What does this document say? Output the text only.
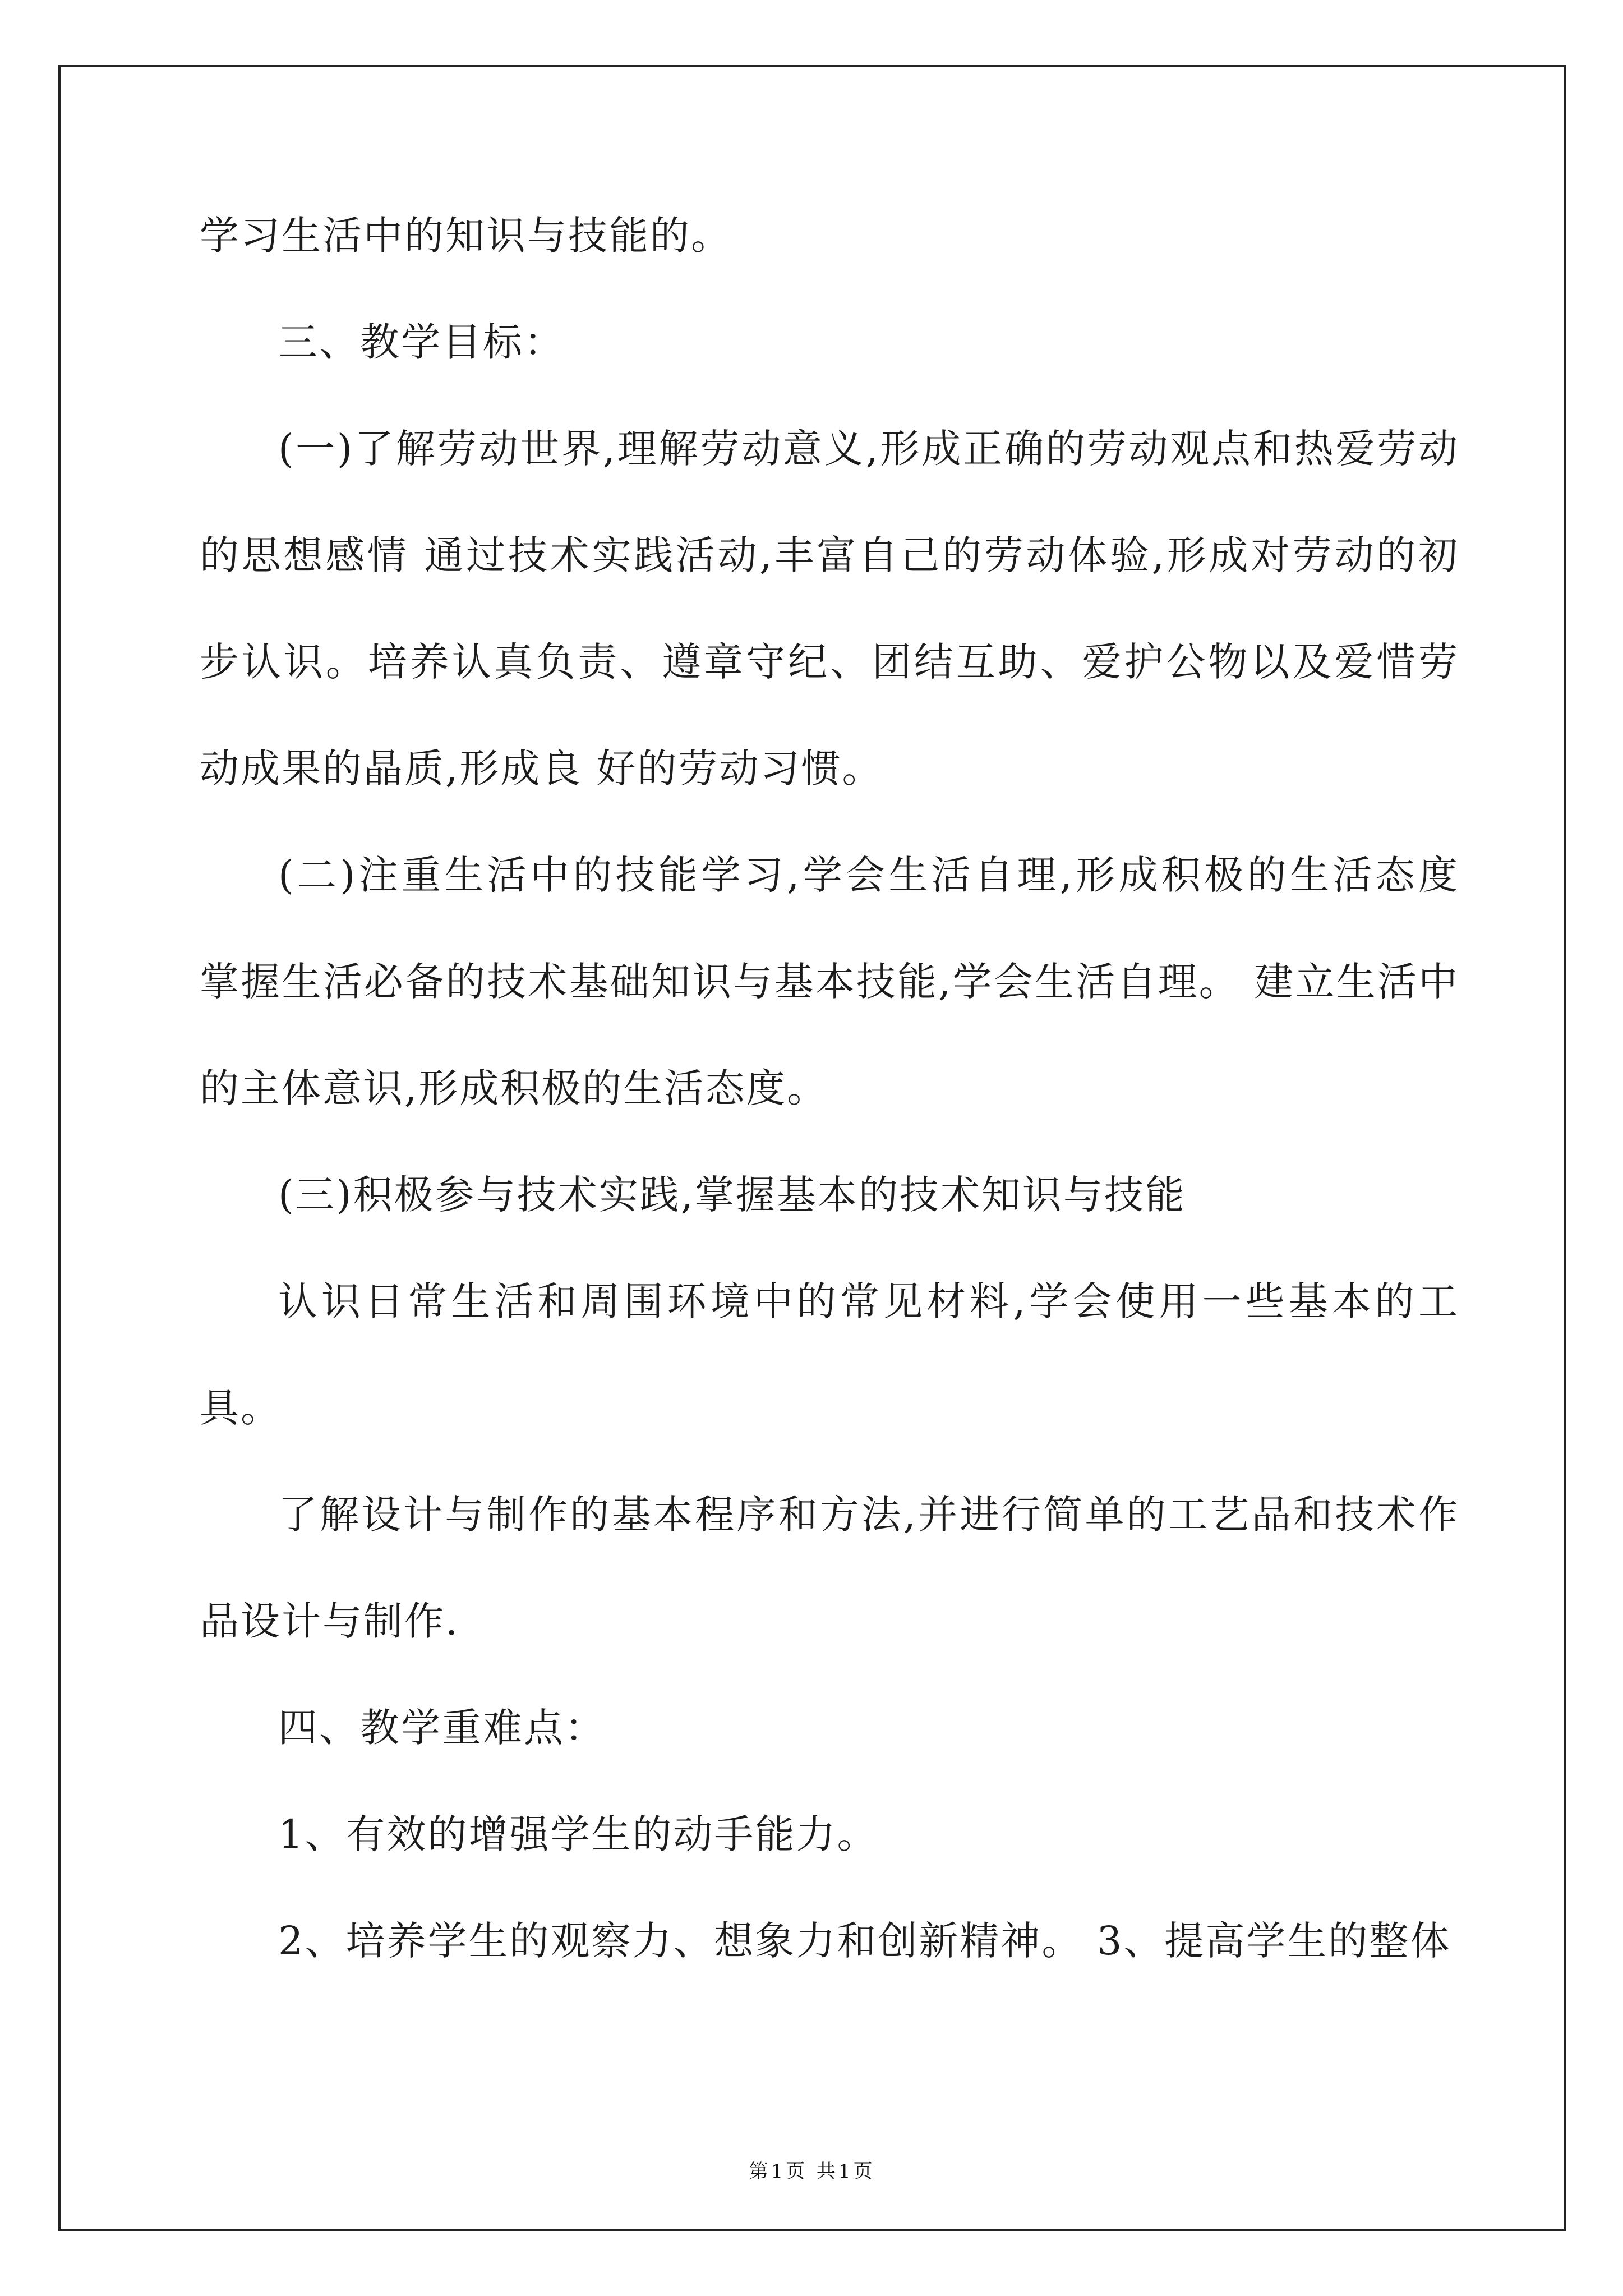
学习生活中的知识与技能的。

三、教学目标：

(一)了解劳动世界,理解劳动意义,形成正确的劳动观点和热爱劳动的思想感情 通过技术实践活动,丰富自己的劳动体验,形成对劳动的初步认识。培养认真负责、遵章守纪、团结互助、爱护公物以及爱惜劳动成果的晶质,形成良 好的劳动习惯。

(二)注重生活中的技能学习,学会生活自理,形成积极的生活态度 掌握生活必备的技术基础知识与基本技能,学会生活自理。 建立生活中的主体意识,形成积极的生活态度。

(三)积极参与技术实践,掌握基本的技术知识与技能

认识日常生活和周围环境中的常见材料,学会使用一些基本的工具。

了解设计与制作的基本程序和方法,并进行简单的工艺品和技术作品设计与制作.

四、教学重难点：

1、有效的增强学生的动手能力。

2、培养学生的观察力、想象力和创新精神。 3、提高学生的整体

第1页 共1页
